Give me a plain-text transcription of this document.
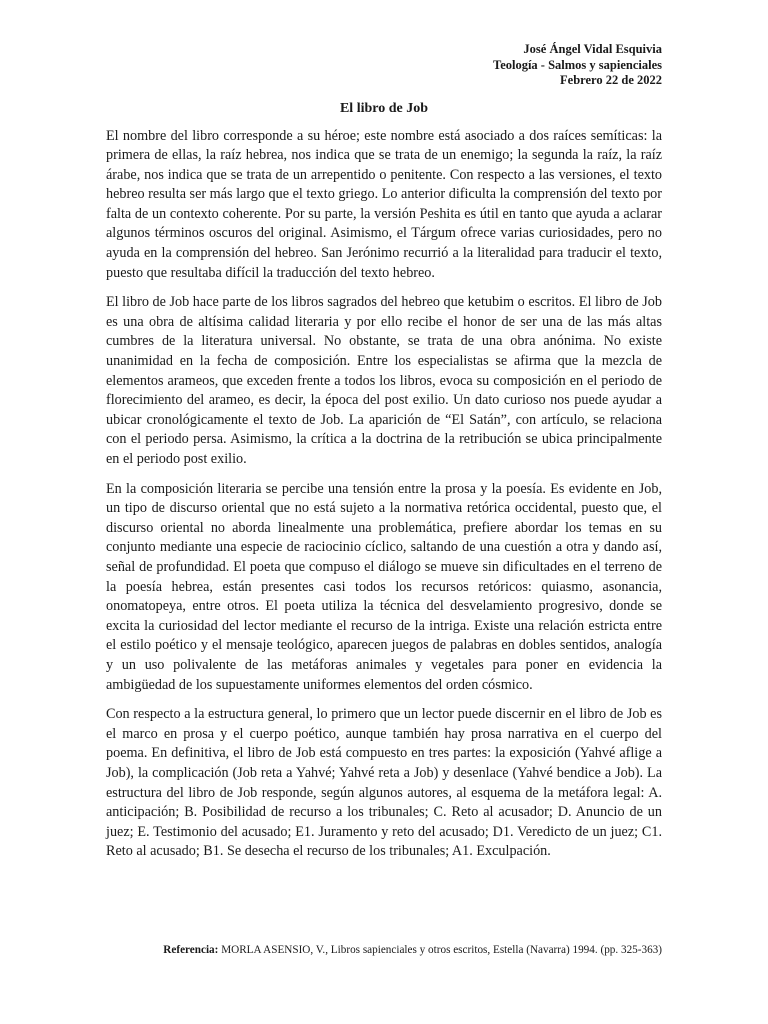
José Ángel Vidal Esquivia
Teología - Salmos y sapienciales
Febrero 22 de 2022
El libro de Job

El nombre del libro corresponde a su héroe; este nombre está asociado a dos raíces semíticas: la primera de ellas, la raíz hebrea, nos indica que se trata de un enemigo; la segunda la raíz, la raíz árabe, nos indica que se trata de un arrepentido o penitente. Con respecto a las versiones, el texto hebreo resulta ser más largo que el texto griego. Lo anterior dificulta la comprensión del texto por falta de un contexto coherente. Por su parte, la versión Peshita es útil en tanto que ayuda a aclarar algunos términos oscuros del original. Asimismo, el Tárgum ofrece varias curiosidades, pero no ayuda en la comprensión del hebreo. San Jerónimo recurrió a la literalidad para traducir el texto, puesto que resultaba difícil la traducción del texto hebreo.

El libro de Job hace parte de los libros sagrados del hebreo que ketubim o escritos. El libro de Job es una obra de altísima calidad literaria y por ello recibe el honor de ser una de las más altas cumbres de la literatura universal. No obstante, se trata de una obra anónima. No existe unanimidad en la fecha de composición. Entre los especialistas se afirma que la mezcla de elementos arameos, que exceden frente a todos los libros, evoca su composición en el periodo de florecimiento del arameo, es decir, la época del post exilio. Un dato curioso nos puede ayudar a ubicar cronológicamente el texto de Job. La aparición de “El Satán”, con artículo, se relaciona con el periodo persa. Asimismo, la crítica a la doctrina de la retribución se ubica principalmente en el periodo post exilio.

En la composición literaria se percibe una tensión entre la prosa y la poesía. Es evidente en Job, un tipo de discurso oriental que no está sujeto a la normativa retórica occidental, puesto que, el discurso oriental no aborda linealmente una problemática, prefiere abordar los temas en su conjunto mediante una especie de raciocinio cíclico, saltando de una cuestión a otra y dando así, señal de profundidad. El poeta que compuso el diálogo se mueve sin dificultades en el terreno de la poesía hebrea, están presentes casi todos los recursos retóricos: quiasmo, asonancia, onomatopeya, entre otros. El poeta utiliza la técnica del desvelamiento progresivo, donde se excita la curiosidad del lector mediante el recurso de la intriga. Existe una relación estricta entre el estilo poético y el mensaje teológico, aparecen juegos de palabras en dobles sentidos, analogía y un uso polivalente de las metáforas animales y vegetales para poner en evidencia la ambigüedad de los supuestamente uniformes elementos del orden cósmico.

Con respecto a la estructura general, lo primero que un lector puede discernir en el libro de Job es el marco en prosa y el cuerpo poético, aunque también hay prosa narrativa en el cuerpo del poema. En definitiva, el libro de Job está compuesto en tres partes: la exposición (Yahvé aflige a Job), la complicación (Job reta a Yahvé; Yahvé reta a Job) y desenlace (Yahvé bendice a Job). La estructura del libro de Job responde, según algunos autores, al esquema de la metáfora legal: A. anticipación; B. Posibilidad de recurso a los tribunales; C. Reto al acusador; D. Anuncio de un juez; E. Testimonio del acusado; E1. Juramento y reto del acusado; D1. Veredicto de un juez; C1. Reto al acusado; B1. Se desecha el recurso de los tribunales; A1. Exculpación.

Referencia: MORLA ASENSIO, V., Libros sapienciales y otros escritos, Estella (Navarra) 1994. (pp. 325-363)
